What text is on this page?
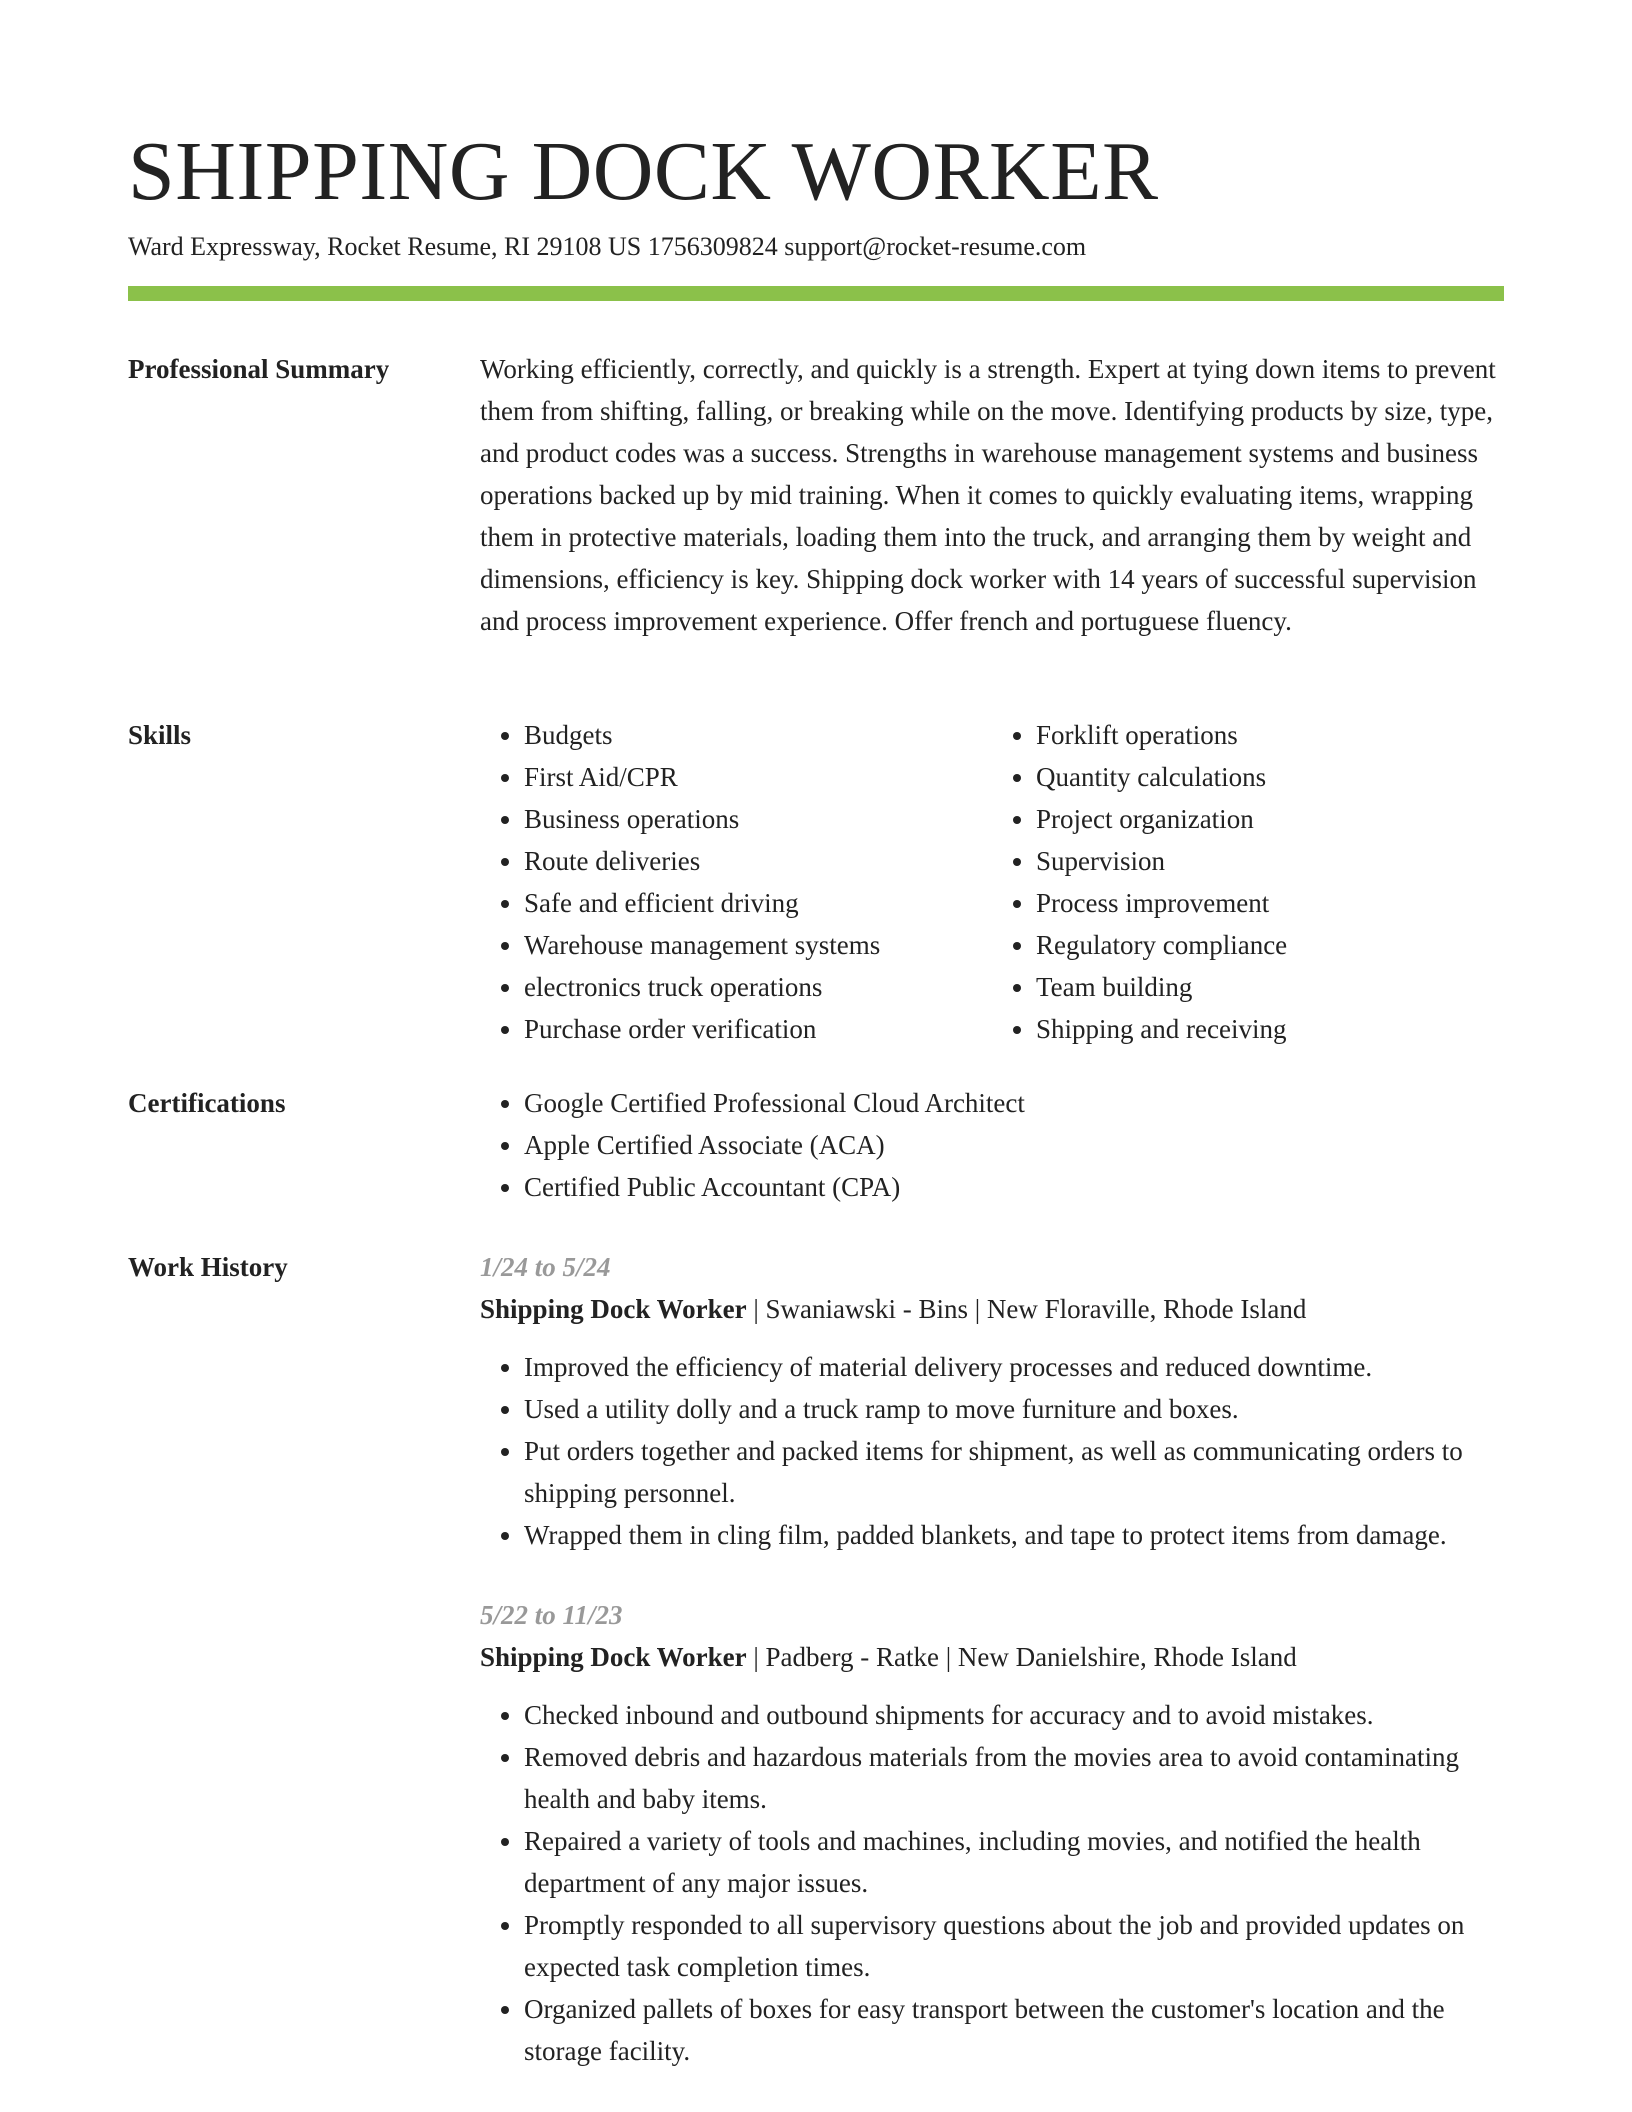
SHIPPING DOCK WORKER
Ward Expressway, Rocket Resume, RI 29108 US 1756309824 support@rocket-resume.com
Professional Summary	Working efficiently, correctly, and quickly is a strength. Expert at tying down items to prevent them from shifting, falling, or breaking while on the move. Identifying products by size, type, and product codes was a success. Strengths in warehouse management systems and business operations backed up by mid training. When it comes to quickly evaluating items, wrapping them in protective materials, loading them into the truck, and arranging them by weight and dimensions, efficiency is key. Shipping dock worker with 14 years of successful supervision and process improvement experience. Offer french and portuguese fluency.

Skills	• Budgets
• First Aid/CPR
• Business operations
• Route deliveries
• Safe and efficient driving
• Warehouse management systems
• electronics truck operations
• Purchase order verification
• Forklift operations
• Quantity calculations
• Project organization
• Supervision
• Process improvement
• Regulatory compliance
• Team building
• Shipping and receiving
Certifications	• Google Certified Professional Cloud Architect
• Apple Certified Associate (ACA)
• Certified Public Accountant (CPA)
Work History	1/24 to 5/24
Shipping Dock Worker | Swaniawski - Bins | New Floraville, Rhode Island
• Improved the efficiency of material delivery processes and reduced downtime.
• Used a utility dolly and a truck ramp to move furniture and boxes.
• Put orders together and packed items for shipment, as well as communicating orders to shipping personnel.
• Wrapped them in cling film, padded blankets, and tape to protect items from damage.
5/22 to 11/23
Shipping Dock Worker | Padberg - Ratke | New Danielshire, Rhode Island
• Checked inbound and outbound shipments for accuracy and to avoid mistakes.
• Removed debris and hazardous materials from the movies area to avoid contaminating health and baby items.
• Repaired a variety of tools and machines, including movies, and notified the health department of any major issues.
• Promptly responded to all supervisory questions about the job and provided updates on expected task completion times.
• Organized pallets of boxes for easy transport between the customer's location and the storage facility.
